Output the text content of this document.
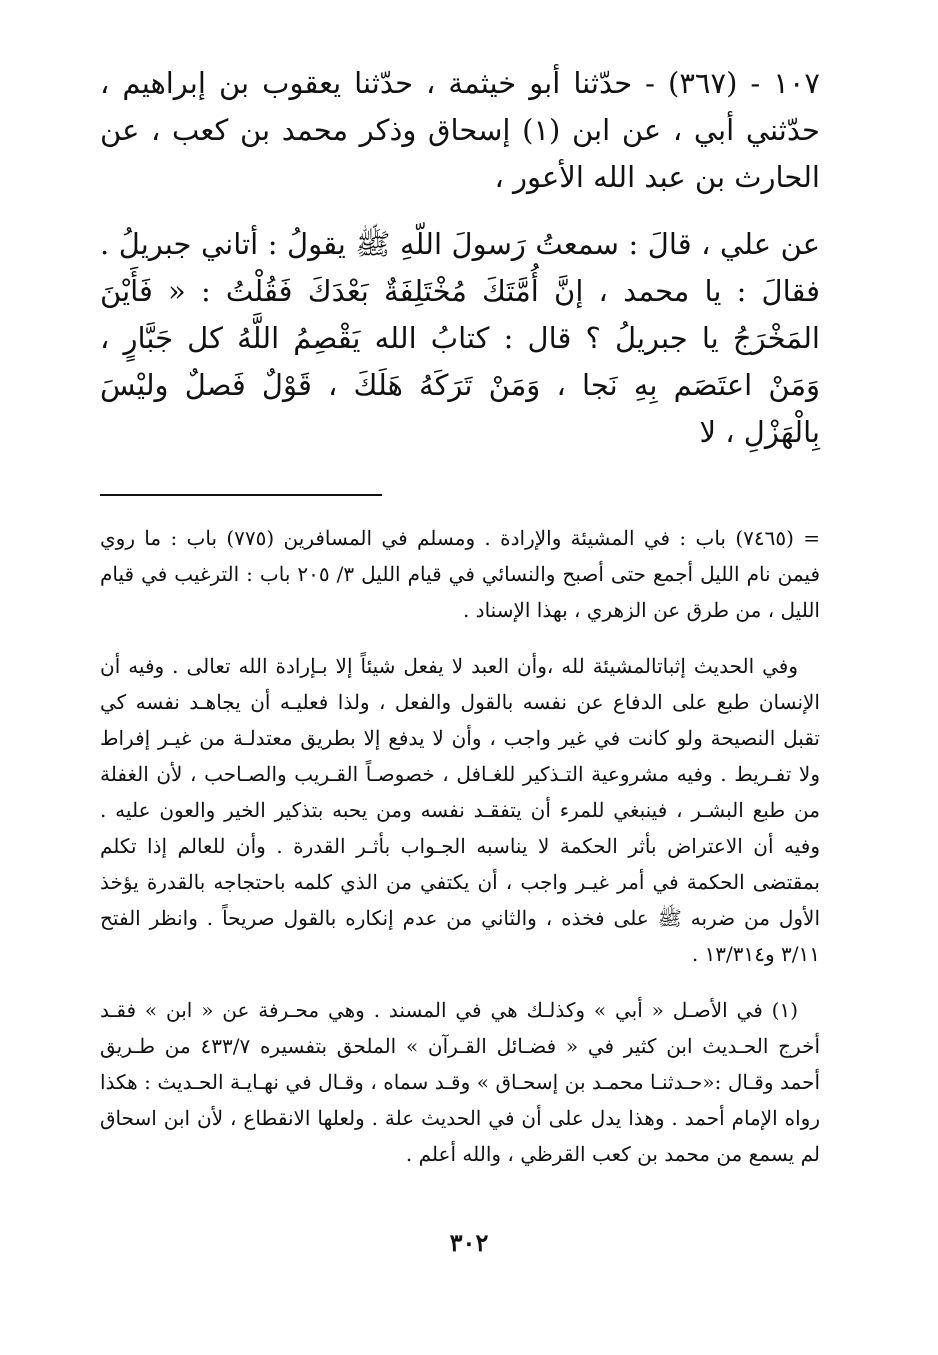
١٠٧ - (٣٦٧) - حدّثنا أبو خيثمة ، حدّثنا يعقوب بن إبراهيم ، حدّثني أبي ، عن ابن (١) إسحاق وذكر محمد بن كعب ، عن الحارث بن عبد الله الأعور ،

عن علي ، قالَ : سمعتُ رَسولَ اللّهِ ﷺ يقولُ : أتاني جبريلُ . فقالَ : يا محمد ، إنَّ أُمَّتَكَ مُخْتَلِفَةٌ بَعْدَكَ فَقُلْتُ : « فَأَيْنَ المَخْرَجُ يا جبريلُ ؟ قال : كتابُ الله يَقْصِمُ اللَّهُ كل جَبَّارٍ ، وَمَنْ اعتَصَم بِهِ نَجا ، وَمَنْ تَرَكَهُ هَلَكَ ، قَوْلٌ فَصلٌ وليْسَ بِالْهَزْلِ ، لا

= (٧٤٦٥) باب : في المشيئة والإرادة . ومسلم في المسافرين (٧٧٥) باب : ما روي فيمن نام الليل أجمع حتى أصبح والنسائي في قيام الليل ٣/ ٢٠٥ باب : الترغيب في قيام الليل ، من طرق عن الزهري ، بهذا الإسناد .

وفي الحديث إثباتالمشيئة لله ،وأن العبد لا يفعل شيئاً إلا بـإرادة الله تعالى . وفيه أن الإنسان طبع على الدفاع عن نفسه بالقول والفعل ، ولذا فعليـه أن يجاهـد نفسه كي تقبل النصيحة ولو كانت في غير واجب ، وأن لا يدفع إلا بطريق معتدلـة من غيـر إفراط ولا تفـريط . وفيه مشروعية التـذكير للغـافل ، خصوصـاً القـريب والصـاحب ، لأن الغفلة من طبع البشـر ، فينبغي للمرء أن يتفقـد نفسه ومن يحبه بتذكير الخير والعون عليه . وفيه أن الاعتراض بأثر الحكمة لا يناسبه الجـواب بأثـر القدرة . وأن للعالم إذا تكلم بمقتضى الحكمة في أمر غيـر واجب ، أن يكتفي من الذي كلمه باحتجاجه بالقدرة يؤخذ الأول من ضربه ﷺ على فخذه ، والثاني من عدم إنكاره بالقول صريحاً . وانظر الفتح ٣/١١ و١٣/٣١٤ .

(١) في الأصـل « أبي » وكذلـك هي في المسند . وهي محـرفة عن « ابن » فقـد أخرج الحـديث ابن كثير في « فضـائل القـرآن » الملحق بتفسيره ٤٣٣/٧ من طـريق أحمد وقـال :«حـدثنـا محمـد بن إسحـاق » وقـد سماه ، وقـال في نهـايـة الحـديث : هكذا رواه الإمام أحمد . وهذا يدل على أن في الحديث علة . ولعلها الانقطاع ، لأن ابن اسحاق لم يسمع من محمد بن كعب القرظي ، والله أعلم .

٣٠٢
